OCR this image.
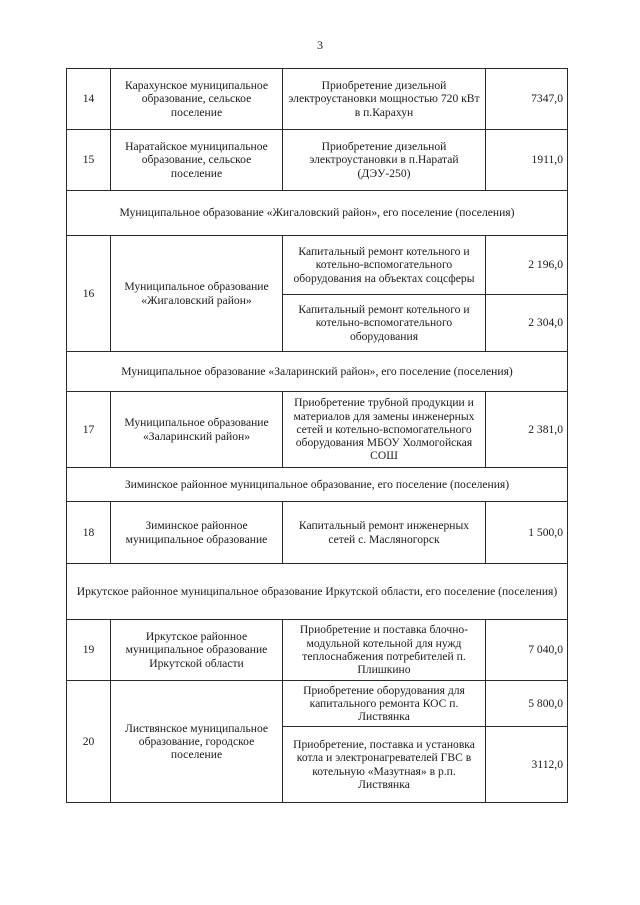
3
14	Карахунское муниципальное образование, сельское поселение	Приобретение дизельной электроустановки мощностью 720 кВт в п.Карахун	7347,0
15	Наратайское муниципальное образование, сельское поселение	Приобретение дизельной электроустановки в п.Наратай (ДЭУ-250)	1911,0
Муниципальное образование «Жигаловский район», его поселение (поселения)			
16	Муниципальное образование «Жигаловский район»	Капитальный ремонт котельного и котельно-вспомогательного оборудования на объектах соцсферы	2 196,0
		Капитальный ремонт котельного и котельно-вспомогательного оборудования	2 304,0
Муниципальное образование «Заларинский район», его поселение (поселения)			
17	Муниципальное образование «Заларинский район»	Приобретение трубной продукции и материалов для замены инженерных сетей и котельно-вспомогательного оборудования МБОУ Холмогойская СОШ	2 381,0
Зиминское районное муниципальное образование, его поселение (поселения)			
18	Зиминское районное муниципальное образование	Капитальный ремонт инженерных сетей с. Масляногорск	1 500,0
Иркутское районное муниципальное образование Иркутской области, его поселение (поселения)			
19	Иркутское районное муниципальное образование Иркутской области	Приобретение и поставка блочно-модульной котельной для нужд теплоснабжения потребителей п. Плишкино	7 040,0
20	Листвянское муниципальное образование, городское поселение	Приобретение оборудования для капитального ремонта КОС п. Листвянка	5 800,0
		Приобретение, поставка и установка котла и электронагревателей ГВС в котельную «Мазутная» в р.п. Листвянка	3112,0
